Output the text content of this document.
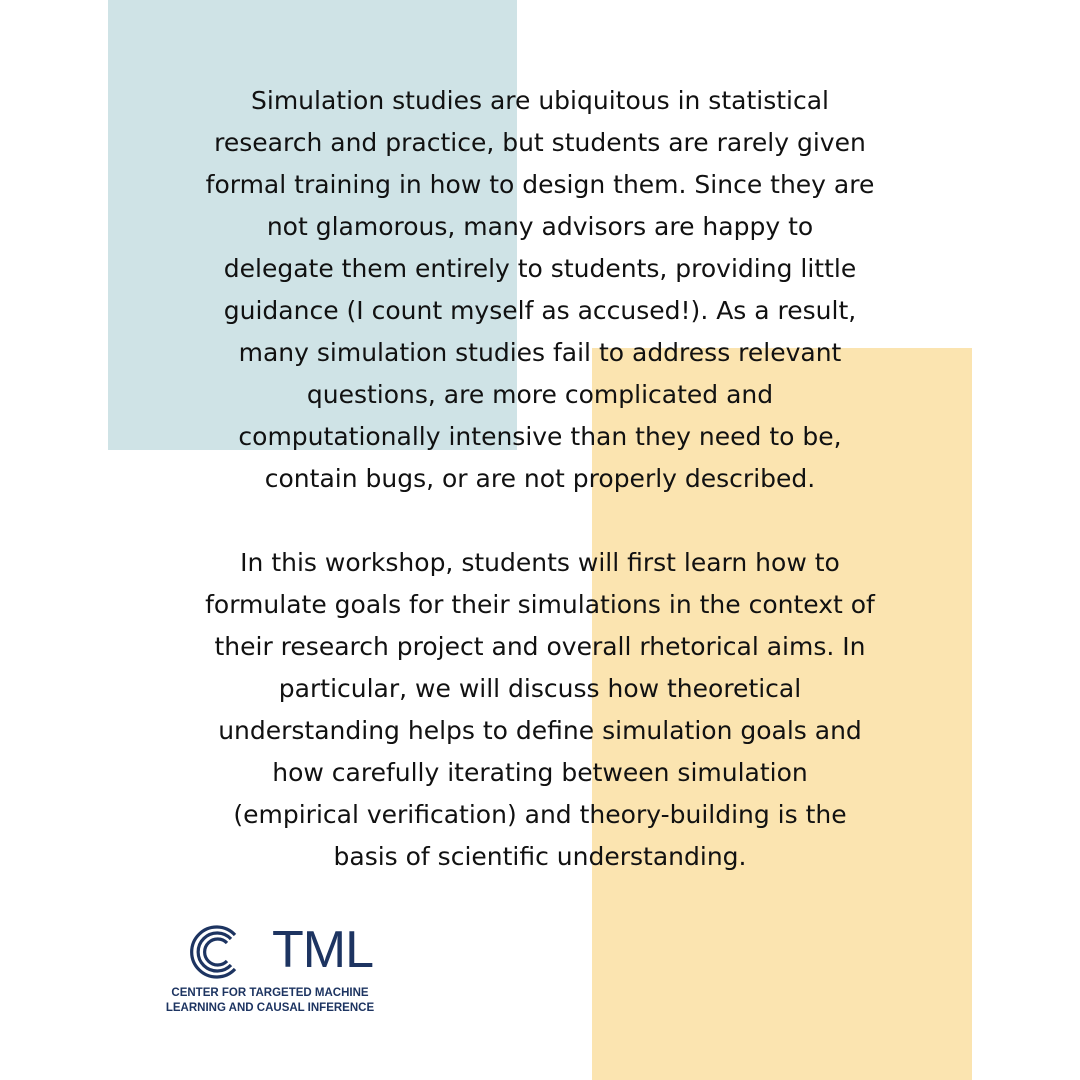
Simulation studies are ubiquitous in statistical
research and practice, but students are rarely given
formal training in how to design them. Since they are
not glamorous, many advisors are happy to
delegate them entirely to students, providing little
guidance (I count myself as accused!). As a result,
many simulation studies fail to address relevant
questions, are more complicated and
computationally intensive than they need to be,
contain bugs, or are not properly described.

In this workshop, students will first learn how to
formulate goals for their simulations in the context of
their research project and overall rhetorical aims. In
particular, we will discuss how theoretical
understanding helps to define simulation goals and
how carefully iterating between simulation
(empirical verification) and theory-building is the
basis of scientific understanding.

TML
CENTER FOR TARGETED MACHINE
LEARNING AND CAUSAL INFERENCE
